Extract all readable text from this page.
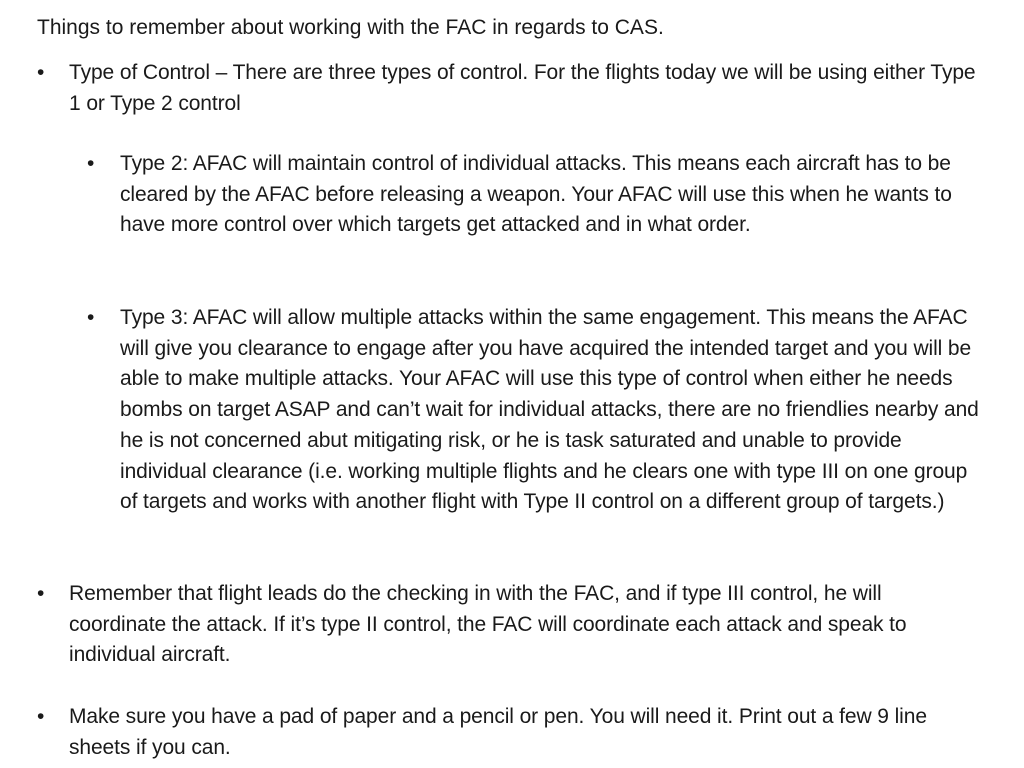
Things to remember about working with the FAC in regards to CAS.
•	Type of Control – There are three types of control. For the flights today we will be using either Type 1 or Type 2 control
•	Type 2: AFAC will maintain control of individual attacks. This means each aircraft has to be cleared by the AFAC before releasing a weapon. Your AFAC will use this when he wants to have more control over which targets get attacked and in what order.
•	Type 3: AFAC will allow multiple attacks within the same engagement. This means the AFAC will give you clearance to engage after you have acquired the intended target and you will be able to make multiple attacks. Your AFAC will use this type of control when either he needs bombs on target ASAP and can’t wait for individual attacks, there are no friendlies nearby and he is not concerned abut mitigating risk, or he is task saturated and unable to provide individual clearance (i.e. working multiple flights and he clears one with type III on one group of targets and works with another flight with Type II control on a different group of targets.)
•	Remember that flight leads do the checking in with the FAC, and if type III control, he will coordinate the attack. If it’s type II control, the FAC will coordinate each attack and speak to individual aircraft.
•	Make sure you have a pad of paper and a pencil or pen. You will need it. Print out a few 9 line sheets if you can.
